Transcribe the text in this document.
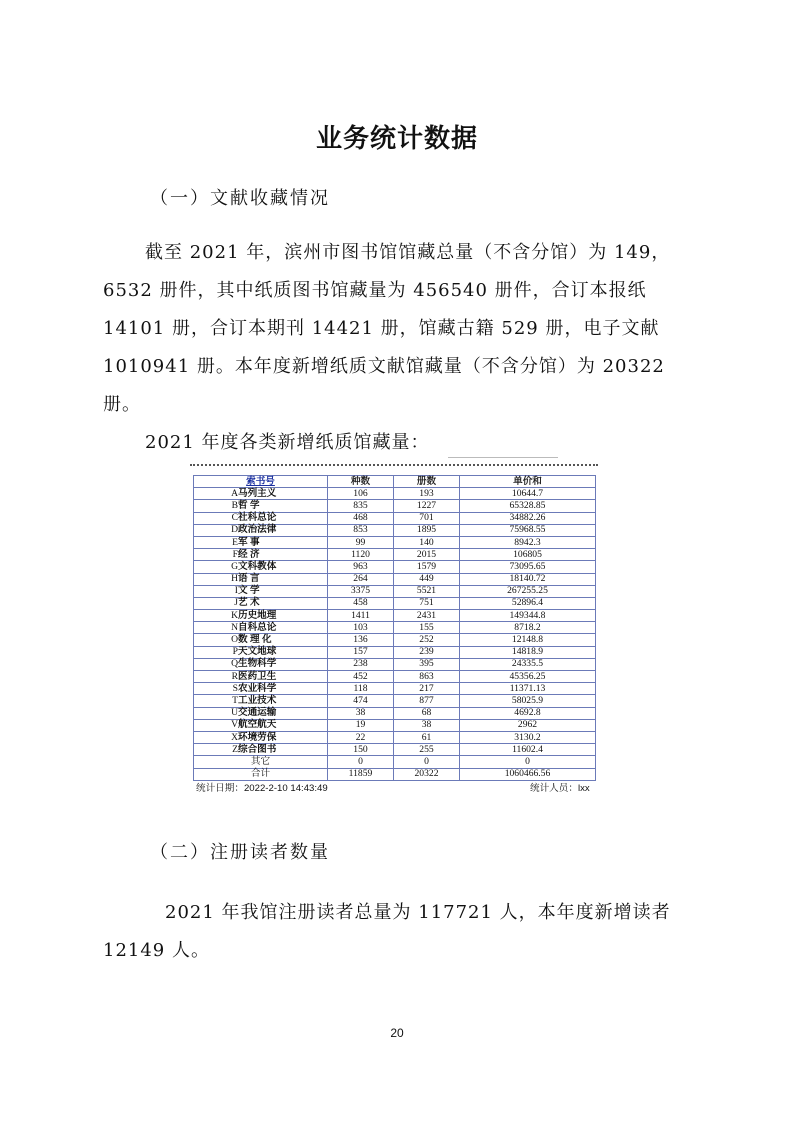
业务统计数据
（一）文献收藏情况
截至 2021 年，滨州市图书馆馆藏总量（不含分馆）为 149，
6532 册件，其中纸质图书馆藏量为 456540 册件，合订本报纸
14101 册，合订本期刊 14421 册，馆藏古籍 529 册，电子文献
1010941 册。本年度新增纸质文献馆藏量（不含分馆）为 20322
册。
2021 年度各类新增纸质馆藏量：
索书号	种数	册数	单价和
A马列主义	106	193	10644.7
B哲 学	835	1227	65328.85
C社科总论	468	701	34882.26
D政治法律	853	1895	75968.55
E军 事	99	140	8942.3
F经 济	1120	2015	106805
G文科教体	963	1579	73095.65
H语 言	264	449	18140.72
I文 学	3375	5521	267255.25
J艺 术	458	751	52896.4
K历史地理	1411	2431	149344.8
N自科总论	103	155	8718.2
O数 理 化	136	252	12148.8
P天文地球	157	239	14818.9
Q生物科学	238	395	24335.5
R医药卫生	452	863	45356.25
S农业科学	118	217	11371.13
T工业技术	474	877	58025.9
U交通运输	38	68	4692.8
V航空航天	19	38	2962
X环境劳保	22	61	3130.2
Z综合图书	150	255	11602.4
其它	0	0	0
合计	11859	20322	1060466.56
统计日期：2022-2-10 14:43:49	统计人员：lxx
（二）注册读者数量
2021 年我馆注册读者总量为 117721 人，本年度新增读者
12149 人。
20
